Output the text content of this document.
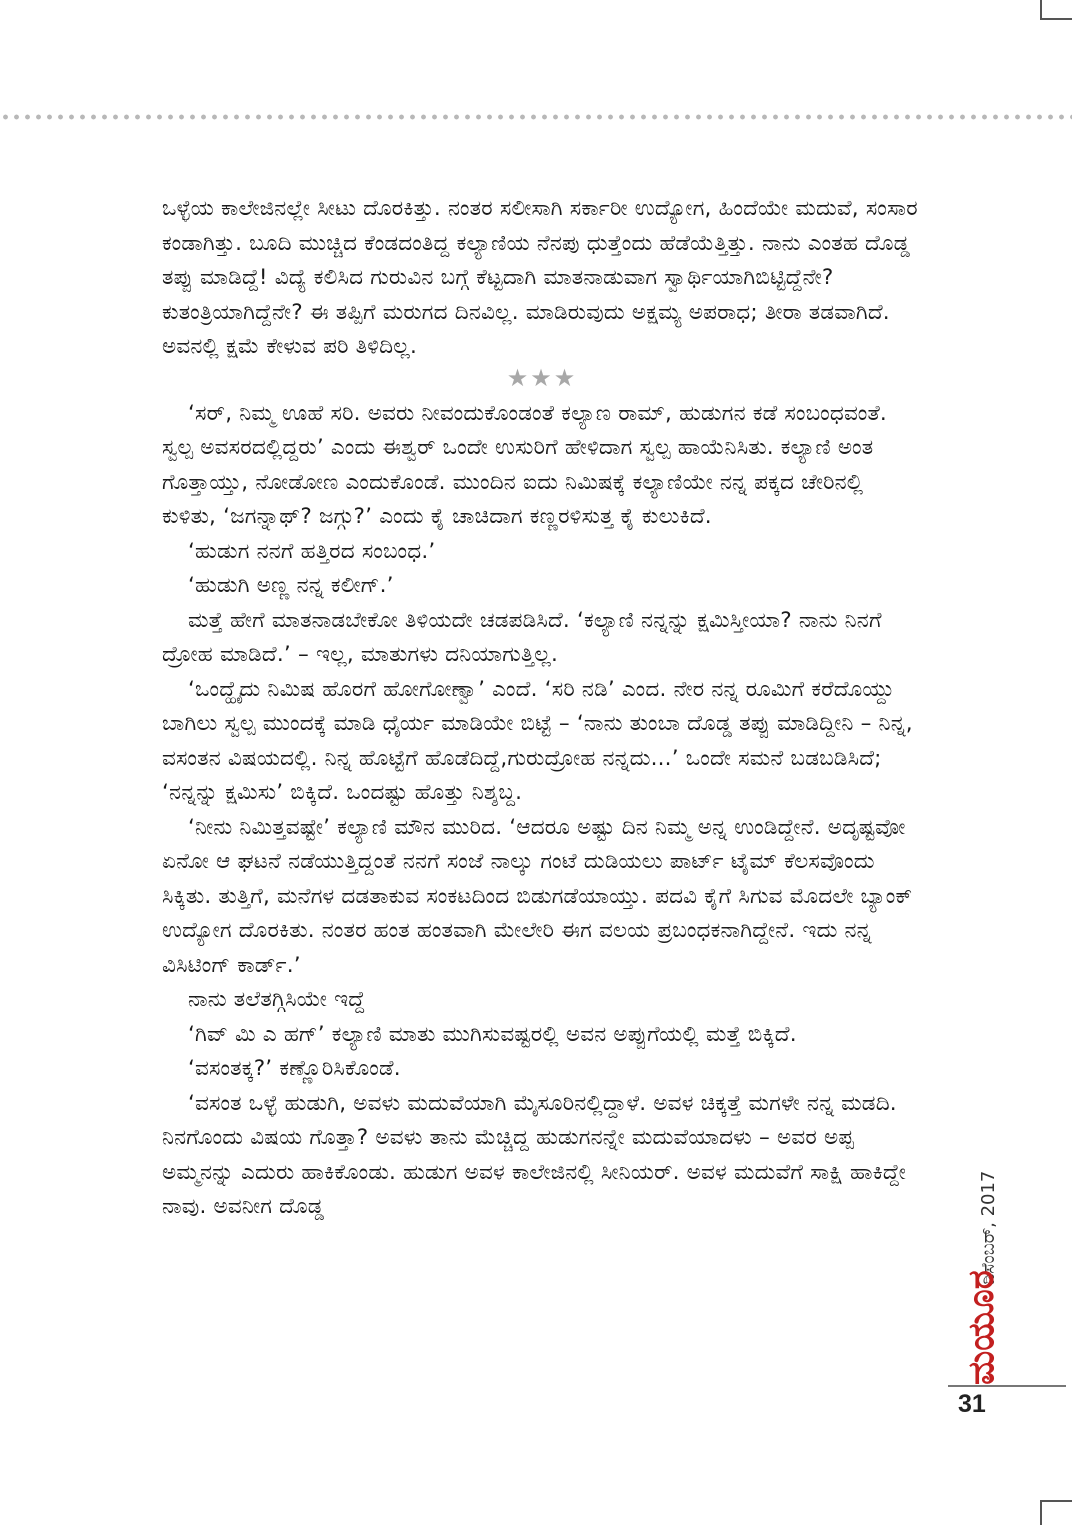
ಒಳ್ಳೆಯ ಕಾಲೇಜಿನಲ್ಲೇ ಸೀಟು ದೊರಕಿತ್ತು. ನಂತರ ಸಲೀಸಾಗಿ ಸರ್ಕಾರೀ ಉದ್ಯೋಗ, ಹಿಂದೆಯೇ ಮದುವೆ, ಸಂಸಾರ ಕಂಡಾಗಿತ್ತು. ಬೂದಿ ಮುಚ್ಚಿದ ಕೆಂಡದಂತಿದ್ದ ಕಲ್ಯಾಣಿಯ ನೆನಪು ಧುತ್ತೆಂದು ಹೆಡೆಯೆತ್ತಿತ್ತು. ನಾನು ಎಂತಹ ದೊಡ್ಡ ತಪ್ಪು ಮಾಡಿದ್ದೆ! ವಿದ್ಯೆ ಕಲಿಸಿದ ಗುರುವಿನ ಬಗ್ಗೆ ಕೆಟ್ಟದಾಗಿ ಮಾತನಾಡುವಾಗ ಸ್ವಾರ್ಥಿಯಾಗಿಬಿಟ್ಟಿದ್ದೆನೇ? ಕುತಂತ್ರಿಯಾಗಿದ್ದೆನೇ? ಈ ತಪ್ಪಿಗೆ ಮರುಗದ ದಿನವಿಲ್ಲ. ಮಾಡಿರುವುದು ಅಕ್ಷಮ್ಯ ಅಪರಾಧ; ತೀರಾ ತಡವಾಗಿದೆ. ಅವನಲ್ಲಿ ಕ್ಷಮೆ ಕೇಳುವ ಪರಿ ತಿಳಿದಿಲ್ಲ.

★★★

‘ಸರ್, ನಿಮ್ಮ ಊಹೆ ಸರಿ. ಅವರು ನೀವಂದುಕೊಂಡಂತೆ ಕಲ್ಯಾಣ ರಾಮ್, ಹುಡುಗನ ಕಡೆ ಸಂಬಂಧವಂತೆ. ಸ್ವಲ್ಪ ಅವಸರದಲ್ಲಿದ್ದರು’ ಎಂದು ಈಶ್ವರ್ ಒಂದೇ ಉಸುರಿಗೆ ಹೇಳಿದಾಗ ಸ್ವಲ್ಪ ಹಾಯೆನಿಸಿತು. ಕಲ್ಯಾಣಿ ಅಂತ ಗೊತ್ತಾಯ್ತು, ನೋಡೋಣ ಎಂದುಕೊಂಡೆ. ಮುಂದಿನ ಐದು ನಿಮಿಷಕ್ಕೆ ಕಲ್ಯಾಣಿಯೇ ನನ್ನ ಪಕ್ಕದ ಚೇರಿನಲ್ಲಿ ಕುಳಿತು, ‘ಜಗನ್ನಾಥ್? ಜಗ್ಗು?’ ಎಂದು ಕೈ ಚಾಚಿದಾಗ ಕಣ್ಣರಳಿಸುತ್ತ ಕೈ ಕುಲುಕಿದೆ.

‘ಹುಡುಗ ನನಗೆ ಹತ್ತಿರದ ಸಂಬಂಧ.’

‘ಹುಡುಗಿ ಅಣ್ಣ ನನ್ನ ಕಲೀಗ್.’

ಮತ್ತೆ ಹೇಗೆ ಮಾತನಾಡಬೇಕೋ ತಿಳಿಯದೇ ಚಡಪಡಿಸಿದೆ. ‘ಕಲ್ಯಾಣಿ ನನ್ನನ್ನು ಕ್ಷಮಿಸ್ತೀಯಾ? ನಾನು ನಿನಗೆ ದ್ರೋಹ ಮಾಡಿದೆ.’ – ಇಲ್ಲ, ಮಾತುಗಳು ದನಿಯಾಗುತ್ತಿಲ್ಲ.

‘ಒಂದ್ಹೈದು ನಿಮಿಷ ಹೊರಗೆ ಹೋಗೋಣ್ವಾ’ ಎಂದೆ. ‘ಸರಿ ನಡಿ’ ಎಂದ. ನೇರ ನನ್ನ ರೂಮಿಗೆ ಕರೆದೊಯ್ದು ಬಾಗಿಲು ಸ್ವಲ್ಪ ಮುಂದಕ್ಕೆ ಮಾಡಿ ಧೈರ್ಯ ಮಾಡಿಯೇ ಬಿಟ್ಟೆ – ‘ನಾನು ತುಂಬಾ ದೊಡ್ಡ ತಪ್ಪು ಮಾಡಿದ್ದೀನಿ – ನಿನ್ನ, ವಸಂತನ ವಿಷಯದಲ್ಲಿ. ನಿನ್ನ ಹೊಟ್ಟೆಗೆ ಹೊಡೆದಿದ್ದೆ,ಗುರುದ್ರೋಹ ನನ್ನದು...’ ಒಂದೇ ಸಮನೆ ಬಡಬಡಿಸಿದೆ; ‘ನನ್ನನ್ನು ಕ್ಷಮಿಸು’ ಬಿಕ್ಕಿದೆ. ಒಂದಷ್ಟು ಹೊತ್ತು ನಿಶ್ಶಬ್ದ.

‘ನೀನು ನಿಮಿತ್ತವಷ್ಟೇ’ ಕಲ್ಯಾಣಿ ಮೌನ ಮುರಿದ. ‘ಆದರೂ ಅಷ್ಟು ದಿನ ನಿಮ್ಮ ಅನ್ನ ಉಂಡಿದ್ದೇನೆ. ಅದೃಷ್ಟವೋ ಏನೋ ಆ ಘಟನೆ ನಡೆಯುತ್ತಿದ್ದಂತೆ ನನಗೆ ಸಂಜೆ ನಾಲ್ಕು ಗಂಟೆ ದುಡಿಯಲು ಪಾರ್ಟ್ ಟೈಮ್ ಕೆಲಸವೊಂದು ಸಿಕ್ಕಿತು. ತುತ್ತಿಗೆ, ಮನೆಗಳ ದಡತಾಕುವ ಸಂಕಟದಿಂದ ಬಿಡುಗಡೆಯಾಯ್ತು. ಪದವಿ ಕೈಗೆ ಸಿಗುವ ಮೊದಲೇ ಬ್ಯಾಂಕ್ ಉದ್ಯೋಗ ದೊರಕಿತು. ನಂತರ ಹಂತ ಹಂತವಾಗಿ ಮೇಲೇರಿ ಈಗ ವಲಯ ಪ್ರಬಂಧಕನಾಗಿದ್ದೇನೆ. ಇದು ನನ್ನ ವಿಸಿಟಿಂಗ್ ಕಾರ್ಡ್.’

ನಾನು ತಲೆತಗ್ಗಿಸಿಯೇ ಇದ್ದೆ

‘ಗಿವ್ ಮಿ ಎ ಹಗ್’ ಕಲ್ಯಾಣಿ ಮಾತು ಮುಗಿಸುವಷ್ಟರಲ್ಲಿ ಅವನ ಅಪ್ಪುಗೆಯಲ್ಲಿ ಮತ್ತೆ ಬಿಕ್ಕಿದೆ.

‘ವಸಂತಕ್ಕ?’ ಕಣ್ಣೊರಿಸಿಕೊಂಡೆ.

‘ವಸಂತ ಒಳ್ಳೆ ಹುಡುಗಿ, ಅವಳು ಮದುವೆಯಾಗಿ ಮೈಸೂರಿನಲ್ಲಿದ್ದಾಳೆ. ಅವಳ ಚಿಕ್ಕತ್ತೆ ಮಗಳೇ ನನ್ನ ಮಡದಿ. ನಿನಗೊಂದು ವಿಷಯ ಗೊತ್ತಾ? ಅವಳು ತಾನು ಮೆಚ್ಚಿದ್ದ ಹುಡುಗನನ್ನೇ ಮದುವೆಯಾದಳು – ಅವರ ಅಪ್ಪ ಅಮ್ಮನನ್ನು ಎದುರು ಹಾಕಿಕೊಂಡು. ಹುಡುಗ ಅವಳ ಕಾಲೇಜಿನಲ್ಲಿ ಸೀನಿಯರ್. ಅವಳ ಮದುವೆಗೆ ಸಾಕ್ಷಿ ಹಾಕಿದ್ದೇ ನಾವು. ಅವನೀಗ ದೊಡ್ಡ	ಡಿಸೆಂಬರ್, 2017
ಮಯೂರ
31
